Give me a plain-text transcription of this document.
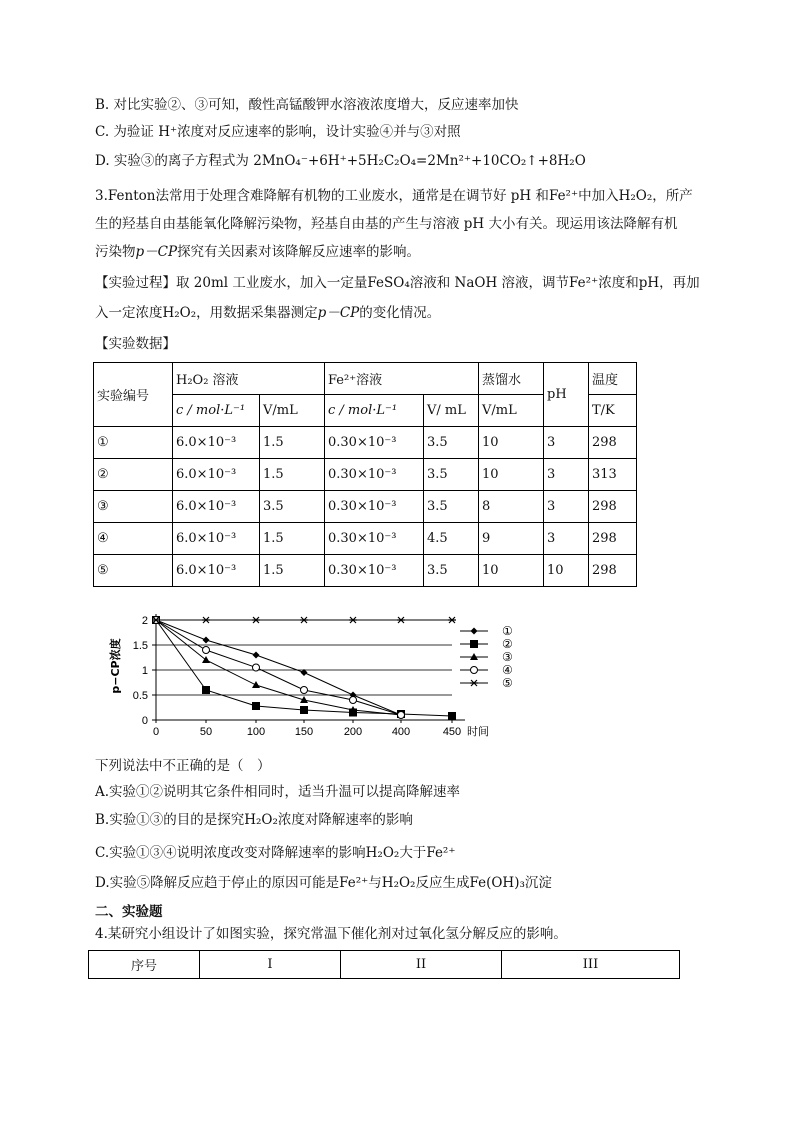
B. 对比实验②、③可知，酸性高锰酸钾水溶液浓度增大，反应速率加快
C. 为验证 H⁺浓度对反应速率的影响，设计实验④并与③对照
D. 实验③的离子方程式为 2MnO₄⁻+6H⁺+5H₂C₂O₄=2Mn²⁺+10CO₂↑+8H₂O
3.Fenton法常用于处理含难降解有机物的工业废水，通常是在调节好 pH 和Fe²⁺中加入H₂O₂，所产
生的羟基自由基能氧化降解污染物，羟基自由基的产生与溶液 pH 大小有关。现运用该法降解有机
污染物p－CP探究有关因素对该降解反应速率的影响。
【实验过程】取 20ml 工业废水，加入一定量FeSO₄溶液和 NaOH 溶液，调节Fe²⁺浓度和pH，再加
入一定浓度H₂O₂，用数据采集器测定p－CP的变化情况。
【实验数据】
实验编号	H₂O₂ 溶液		Fe²⁺溶液		蒸馏水	pH	温度
	c / mol·L⁻¹	V/mL	c / mol·L⁻¹	V/ mL	V/mL		T/K
①	6.0×10⁻³	1.5	0.30×10⁻³	3.5	10	3	298
②	6.0×10⁻³	1.5	0.30×10⁻³	3.5	10	3	313
③	6.0×10⁻³	3.5	0.30×10⁻³	3.5	8	3	298
④	6.0×10⁻³	1.5	0.30×10⁻³	4.5	9	3	298
⑤	6.0×10⁻³	1.5	0.30×10⁻³	3.5	10	10	298
0
0.5
1
1.5
2
0	50	100	150	200	400	450 时间
p−CP浓度
①
②
③
④
⑤
下列说法中不正确的是（　）
A.实验①②说明其它条件相同时，适当升温可以提高降解速率
B.实验①③的目的是探究H₂O₂浓度对降解速率的影响
C.实验①③④说明浓度改变对降解速率的影响H₂O₂大于Fe²⁺
D.实验⑤降解反应趋于停止的原因可能是Fe²⁺与H₂O₂反应生成Fe(OH)₃沉淀
二、实验题
4.某研究小组设计了如图实验，探究常温下催化剂对过氧化氢分解反应的影响。
序号	I	II	III
